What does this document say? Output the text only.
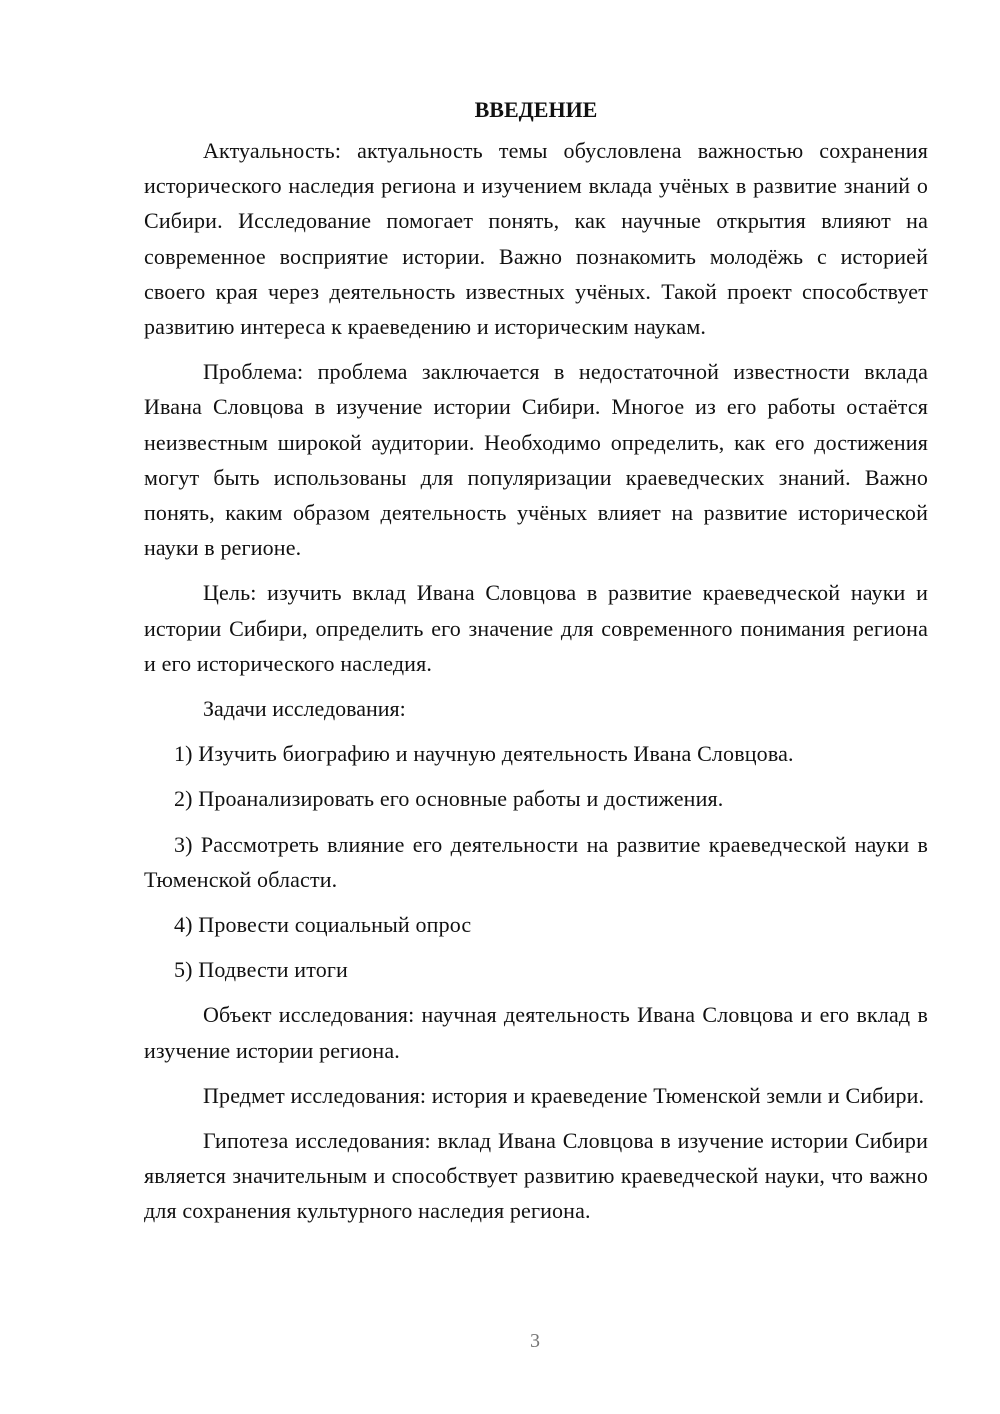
ВВЕДЕНИЕ

Актуальность: актуальность темы обусловлена важностью сохранения исторического наследия региона и изучением вклада учёных в развитие знаний о Сибири. Исследование помогает понять, как научные открытия влияют на современное восприятие истории. Важно познакомить молодёжь с историей своего края через деятельность известных учёных. Такой проект способствует развитию интереса к краеведению и историческим наукам.

Проблема: проблема заключается в недостаточной известности вклада Ивана Словцова в изучение истории Сибири. Многое из его работы остаётся неизвестным широкой аудитории. Необходимо определить, как его достижения могут быть использованы для популяризации краеведческих знаний. Важно понять, каким образом деятельность учёных влияет на развитие исторической науки в регионе.

Цель: изучить вклад Ивана Словцова в развитие краеведческой науки и истории Сибири, определить его значение для современного понимания региона и его исторического наследия.

Задачи исследования:

1) Изучить биографию и научную деятельность Ивана Словцова.

2) Проанализировать его основные работы и достижения.

3) Рассмотреть влияние его деятельности на развитие краеведческой науки в Тюменской области.

4) Провести социальный опрос

5) Подвести итоги

Объект исследования: научная деятельность Ивана Словцова и его вклад в изучение истории региона.

Предмет исследования: история и краеведение Тюменской земли и Сибири.

Гипотеза исследования: вклад Ивана Словцова в изучение истории Сибири является значительным и способствует развитию краеведческой науки, что важно для сохранения культурного наследия региона.

3
